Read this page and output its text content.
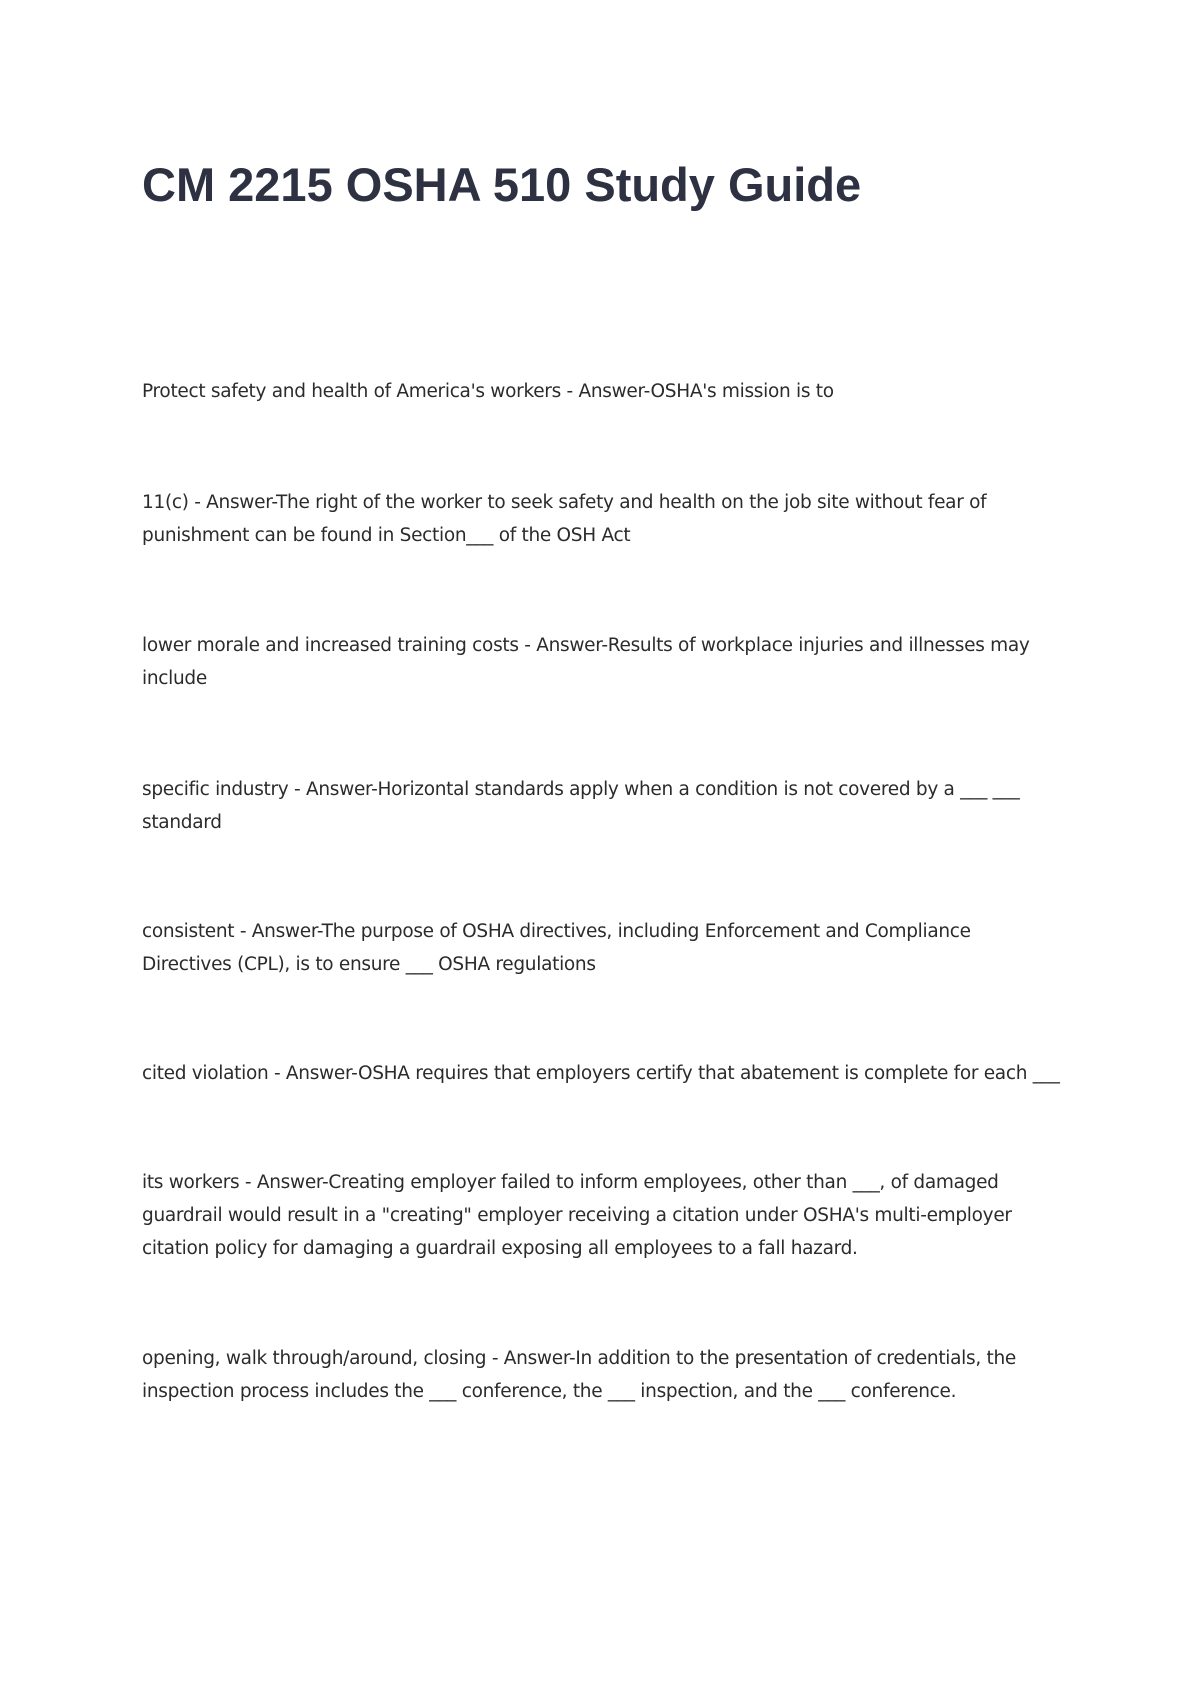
CM 2215 OSHA 510 Study Guide

Protect safety and health of America's workers - Answer-OSHA's mission is to

11(c) - Answer-The right of the worker to seek safety and health on the job site without fear of punishment can be found in Section___ of the OSH Act

lower morale and increased training costs - Answer-Results of workplace injuries and illnesses may include

specific industry - Answer-Horizontal standards apply when a condition is not covered by a ___ ___ standard

consistent - Answer-The purpose of OSHA directives, including Enforcement and Compliance Directives (CPL), is to ensure ___ OSHA regulations

cited violation - Answer-OSHA requires that employers certify that abatement is complete for each ___

its workers - Answer-Creating employer failed to inform employees, other than ___, of damaged guardrail would result in a "creating" employer receiving a citation under OSHA's multi-employer citation policy for damaging a guardrail exposing all employees to a fall hazard.

opening, walk through/around, closing - Answer-In addition to the presentation of credentials, the inspection process includes the ___ conference, the ___ inspection, and the ___ conference.
